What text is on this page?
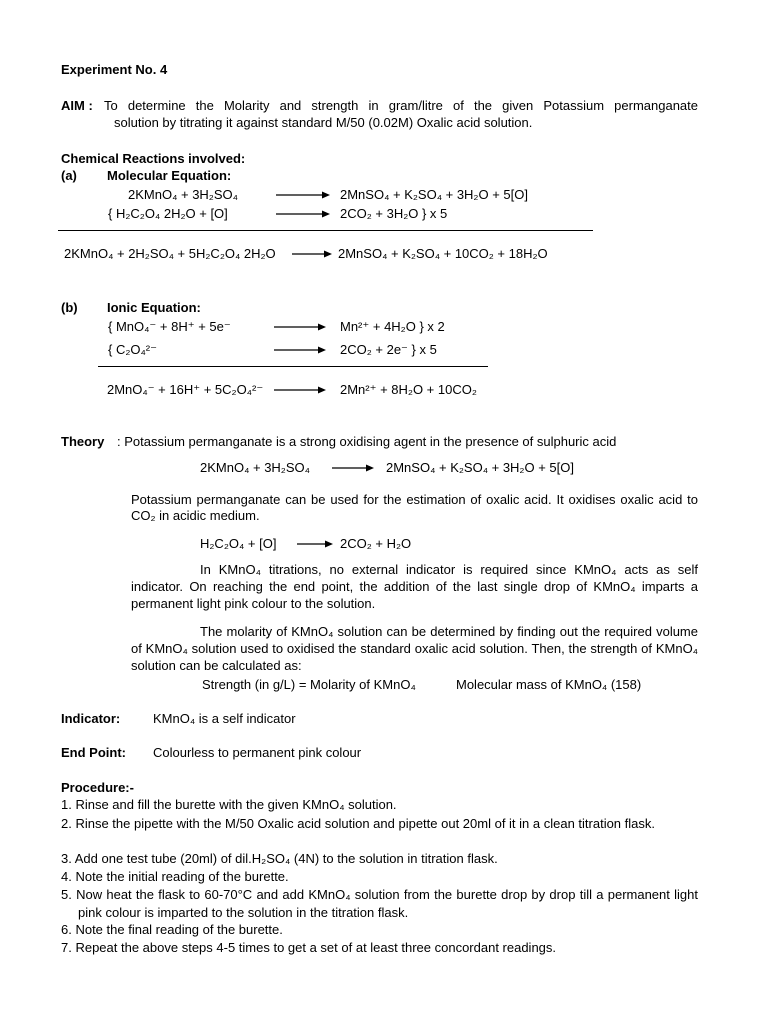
Experiment No. 4
AIM : To determine the Molarity and strength in gram/litre of the given Potassium permanganate
solution by titrating it against standard M/50 (0.02M) Oxalic acid solution.
Chemical Reactions involved:
(a) Molecular Equation:
2KMnO₄ + 3H₂SO₄	2MnSO₄ + K₂SO₄ + 3H₂O + 5[O]
{ H₂C₂O₄ 2H₂O + [O]	2CO₂ + 3H₂O } x 5
2KMnO₄ + 2H₂SO₄ + 5H₂C₂O₄ 2H₂O → 2MnSO₄ + K₂SO₄ + 10CO₂ + 18H₂O
(b) Ionic Equation:
{ MnO₄⁻ + 8H⁺ + 5e⁻	→ Mn²⁺ + 4H₂O } x 2
{ C₂O₄²⁻	→ 2CO₂ + 2e⁻ } x 5
2MnO₄⁻ + 16H⁺ + 5C₂O₄²⁻ → 2Mn²⁺ + 8H₂O + 10CO₂
Theory : Potassium permanganate is a strong oxidising agent in the presence of sulphuric acid
2KMnO₄ + 3H₂SO₄ → 2MnSO₄ + K₂SO₄ + 3H₂O + 5[O]
Potassium permanganate can be used for the estimation of oxalic acid. It oxidises oxalic acid to CO₂ in acidic medium.
H₂C₂O₄ + [O] → 2CO₂ + H₂O
In KMnO₄ titrations, no external indicator is required since KMnO₄ acts as self indicator. On reaching the end point, the addition of the last single drop of KMnO₄ imparts a permanent light pink colour to the solution.
The molarity of KMnO₄ solution can be determined by finding out the required volume of KMnO₄ solution used to oxidised the standard oxalic acid solution. Then, the strength of KMnO₄ solution can be calculated as:
Strength (in g/L) = Molarity of KMnO₄	Molecular mass of KMnO₄ (158)
Indicator:	KMnO₄ is a self indicator
End Point: Colourless to permanent pink colour
Procedure:-
1. Rinse and fill the burette with the given KMnO₄ solution.
2. Rinse the pipette with the M/50 Oxalic acid solution and pipette out 20ml of it in a clean titration flask.
3. Add one test tube (20ml) of dil.H₂SO₄ (4N) to the solution in titration flask.
4. Note the initial reading of the burette.
5. Now heat the flask to 60-70°C and add KMnO₄ solution from the burette drop by drop till a permanent light pink colour is imparted to the solution in the titration flask.
6. Note the final reading of the burette.
7. Repeat the above steps 4-5 times to get a set of at least three concordant readings.
